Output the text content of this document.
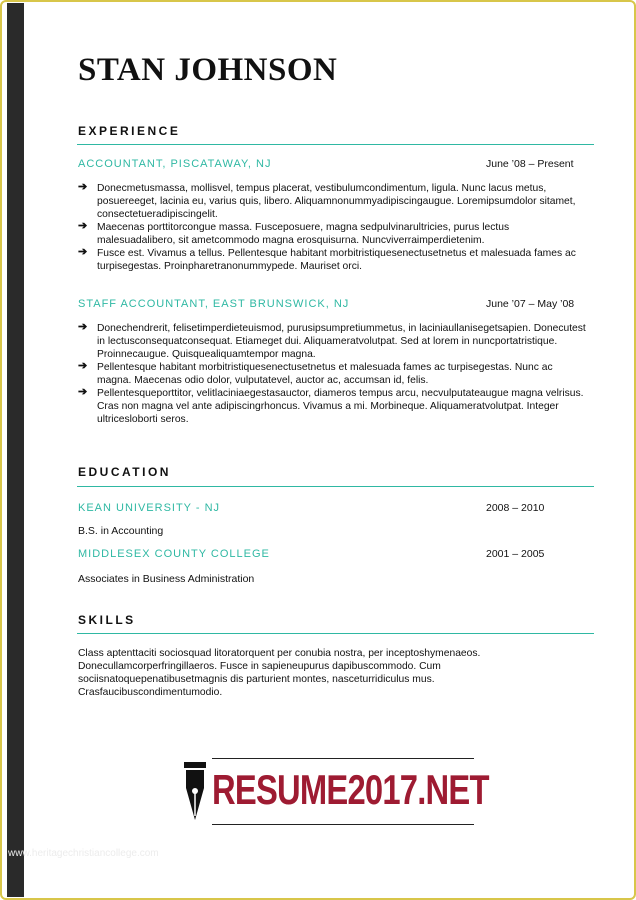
STAN JOHNSON
EXPERIENCE
ACCOUNTANT, PISCATAWAY, NJ	June ’08 – Present
➔ Donecmetusmassa, mollisvel, tempus placerat, vestibulumcondimentum, ligula. Nunc lacus metus, posuereeget, lacinia eu, varius quis, libero. Aliquamnonummyadipiscingaugue. Loremipsumdolor sitamet, consectetueradipiscingelit.
➔ Maecenas porttitorcongue massa. Fusceposuere, magna sedpulvinarultricies, purus lectus malesuadalibero, sit ametcommodo magna erosquisurna. Nuncviverraimperdietenim.
➔ Fusce est. Vivamus a tellus. Pellentesque habitant morbitristiquesenectusetnetus et malesuada fames ac turpisegestas. Proinpharetranonummypede. Mauriset orci.
STAFF ACCOUNTANT, EAST BRUNSWICK, NJ	June ’07 – May ’08
➔ Donechendrerit, felisetimperdieteuismod, purusipsumpretiummetus, in laciniaullanisegetsapien. Donecutest in lectusconsequatconsequat. Etiameget dui. Aliquameratvolutpat. Sed at lorem in nuncportatristique. Proinnecaugue. Quisquealiquamtempor magna.
➔ Pellentesque habitant morbitristiquesenectusetnetus et malesuada fames ac turpisegestas. Nunc ac magna. Maecenas odio dolor, vulputatevel, auctor ac, accumsan id, felis.
➔ Pellentesqueporttitor, velitlaciniaegestasauctor, diameros tempus arcu, necvulputateaugue magna velrisus. Cras non magna vel ante adipiscingrhoncus. Vivamus a mi. Morbineque. Aliquameratvolutpat. Integer ultricesloborti seros.
EDUCATION
KEAN UNIVERSITY - NJ	2008 – 2010
B.S. in Accounting
MIDDLESEX COUNTY COLLEGE	2001 – 2005
Associates in Business Administration
SKILLS

Class aptenttaciti sociosquad litoratorquent per conubia nostra, per inceptoshymenaeos. Donecullamcorperfringillaeros. Fusce in sapieneupurus dapibuscommodo. Cum sociisnatoquepenatibusetmagnis dis parturient montes, nasceturridiculus mus. Crasfaucibuscondimentumodio.

RESUME2017.NET
www.heritagechristiancollege.com
